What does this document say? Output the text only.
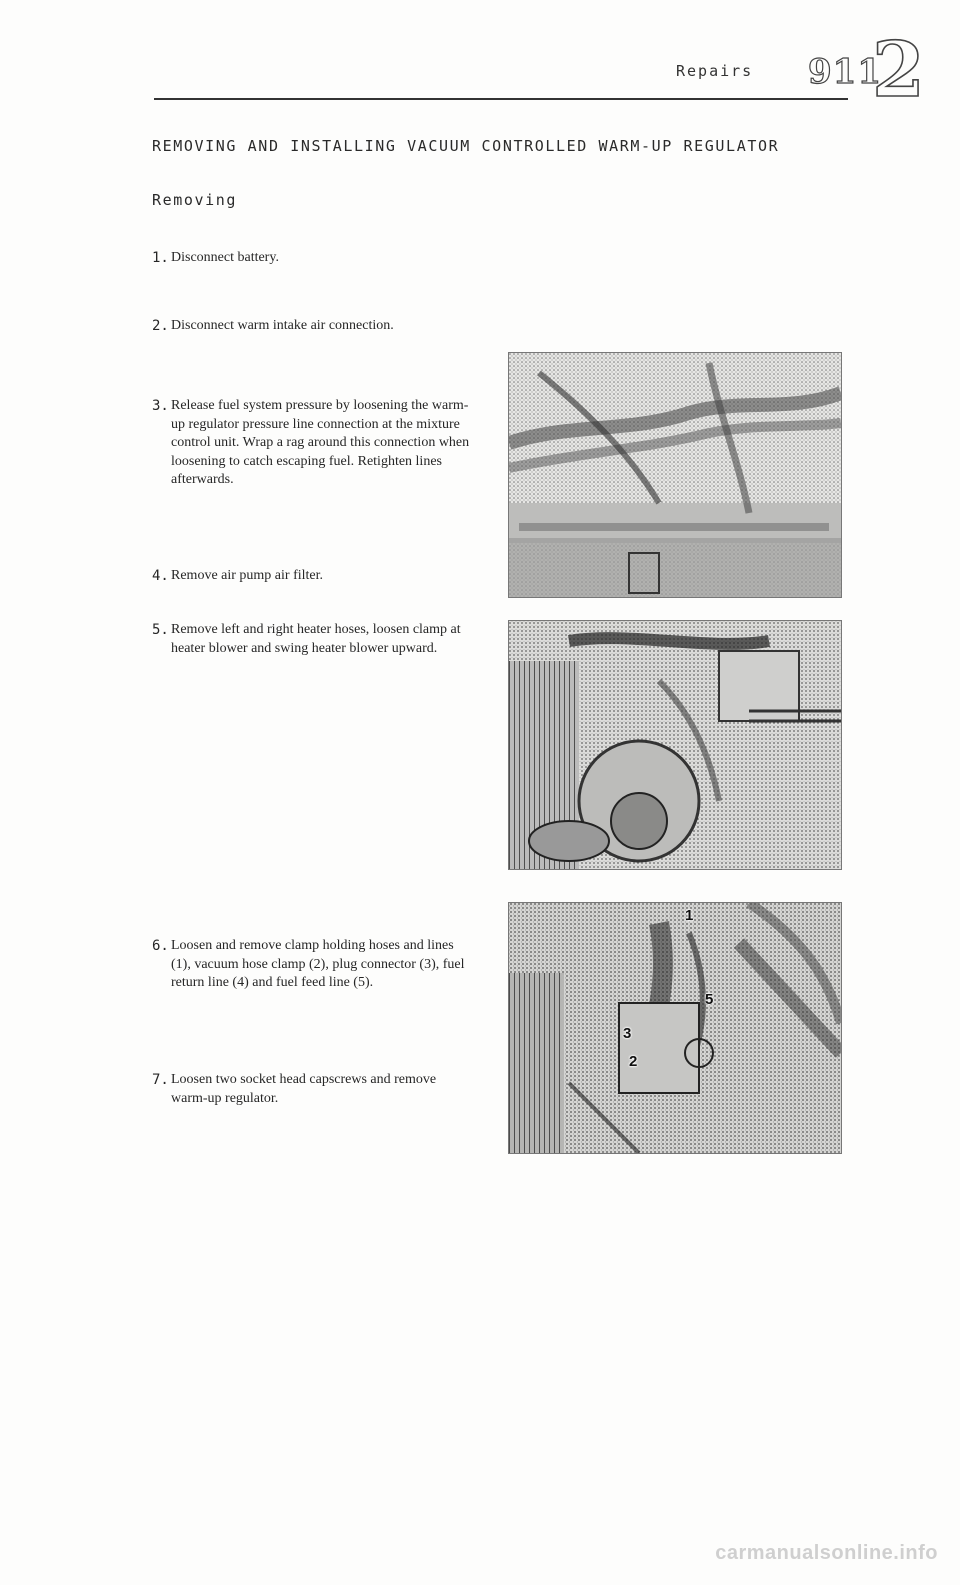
Repairs 911
2
REMOVING AND INSTALLING VACUUM CONTROLLED WARM-UP REGULATOR
Removing
1. Disconnect battery.
2. Disconnect warm intake air connection.
3. Release fuel system pressure by loosening the warm-up regulator pressure line connection at the mixture control unit. Wrap a rag around this connection when loosening to catch escaping fuel. Retighten lines afterwards.
4. Remove air pump air filter.
5. Remove left and right heater hoses, loosen clamp at heater blower and swing heater blower upward.
6. Loosen and remove clamp holding hoses and lines (1), vacuum hose clamp (2), plug connector (3), fuel return line (4) and fuel feed line (5).
7. Loosen two socket head capscrews and remove warm-up regulator.
1
5
3
2
carmanualsonline.info
